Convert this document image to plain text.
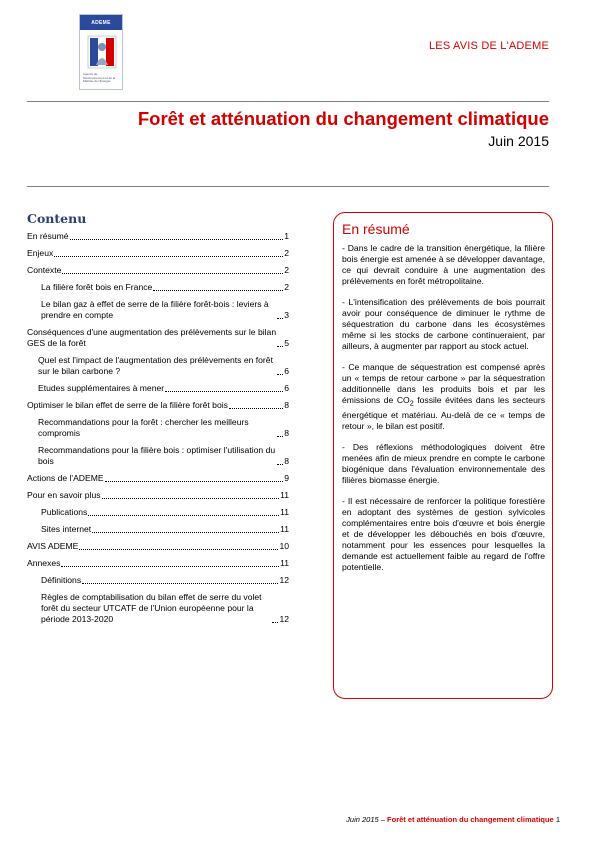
ADEME
Agence de l'Environnement et de la Maîtrise de l'Énergie
LES AVIS DE L'ADEME
Forêt et atténuation du changement climatique
Juin 2015
Contenu
En résumé	1
Enjeux	2
Contexte	2
La filière forêt bois en France	2
Le bilan gaz à effet de serre de la filière forêt-bois : leviers à prendre en compte	3
Conséquences d'une augmentation des prélèvements sur le bilan GES de la forêt	5
Quel est l'impact de l'augmentation des prélèvements en forêt sur le bilan carbone ?	6
Etudes supplémentaires à mener	6
Optimiser le bilan effet de serre de la filière forêt bois	8
Recommandations pour la forêt : chercher les meilleurs compromis	8
Recommandations pour la filière bois : optimiser l'utilisation du bois	8
Actions de l'ADEME	9
Pour en savoir plus	11
Publications	11
Sites internet	11
AVIS ADEME	10
Annexes	11
Définitions	12
Règles de comptabilisation du bilan effet de serre du volet forêt du secteur UTCATF de l'Union européenne pour la période 2013-2020	12
En résumé

- Dans le cadre de la transition énergétique, la filière bois énergie est amenée à se développer davantage, ce qui devrait conduire à une augmentation des prélèvements en forêt métropolitaine.

- L'intensification des prélèvements de bois pourrait avoir pour conséquence de diminuer le rythme de séquestration du carbone dans les écosystèmes même si les stocks de carbone continueraient, par ailleurs, à augmenter par rapport au stock actuel.

- Ce manque de séquestration est compensé après un « temps de retour carbone » par la séquestration additionnelle dans les produits bois et par les émissions de $CO_2$ fossile évitées dans les secteurs énergétique et matériau. Au-delà de ce « temps de retour », le bilan est positif.

- Des réflexions méthodologiques doivent être menées afin de mieux prendre en compte le carbone biogénique dans l'évaluation environnementale des filières biomasse énergie.

- Il est nécessaire de renforcer la politique forestière en adoptant des systèmes de gestion sylvicoles complémentaires entre bois d'œuvre et bois énergie et de développer les débouchés en bois d'œuvre, notamment pour les essences pour lesquelles la demande est actuellement faible au regard de l'offre potentielle.

Juin 2015 – Forêt et atténuation du changement climatique 1
